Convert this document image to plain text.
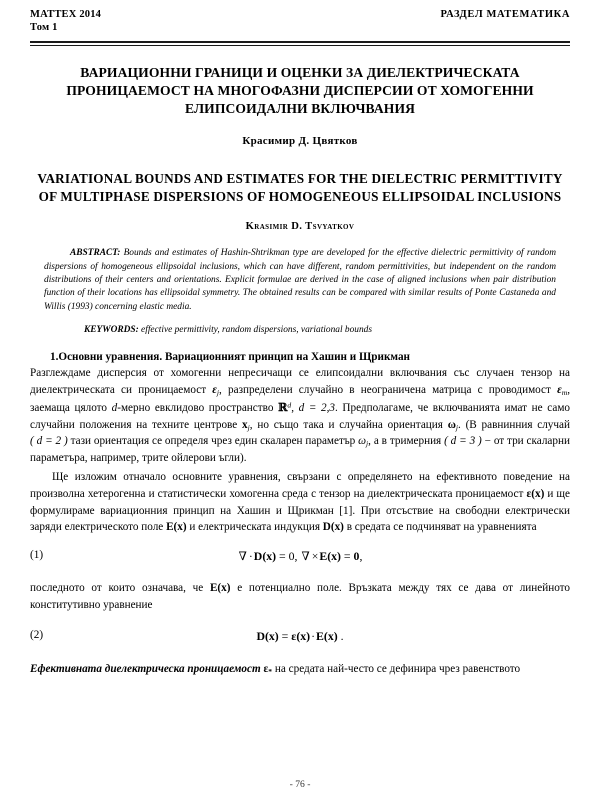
MATTEX 2014
Том 1
РАЗДЕЛ МАТЕМАТИКА
ВАРИАЦИОННИ ГРАНИЦИ И ОЦЕНКИ ЗА ДИЕЛЕКТРИЧЕСКАТА ПРОНИЦАЕМОСТ НА МНОГОФАЗНИ ДИСПЕРСИИ ОТ ХОМОГЕННИ ЕЛИПСОИДАЛНИ ВКЛЮЧВАНИЯ
Красимир Д. Цвятков
VARIATIONAL BOUNDS AND ESTIMATES FOR THE DIELECTRIC PERMITTIVITY OF MULTIPHASE DISPERSIONS OF HOMOGENEOUS ELLIPSOIDAL INCLUSIONS
Krasimir D. Tsvyatkov
ABSTRACT: Bounds and estimates of Hashin-Shtrikman type are developed for the effective dielectric permittivity of random dispersions of homogeneous ellipsoidal inclusions, which can have different, random permittivities, but independent on the random distributions of their centers and orientations. Explicit formulae are derived in the case of aligned inclusions when pair distribution function of their locations has ellipsoidal symmetry. The obtained results can be compared with similar results of Ponte Castaneda and Willis (1993) concerning elastic media.
KEYWORDS: effective permittivity, random dispersions, variational bounds
1.Основни уравнения. Вариационният принцип на Хашин и Щрикман

Разглеждаме дисперсия от хомогенни непресичащи се елипсоидални включвания със случаен тензор на диелектрическата си проницаемост $\varepsilon_j$, разпределени случайно в неограничена матрица с проводимост $\varepsilon_m$, заемаща цялото d-мерно евклидово пространство ℝ$^d$, d = 2,3. Предполагаме, че включванията имат не само случайни положения на техните центрове $x_j$, но също така и случайна ориентация $\omega_j$. (В равнинния случай ( d = 2 ) тази ориентация се определя чрез един скаларен параметър $\omega_j$, а в тримерния ( d = 3 ) − от три скаларни параметъра, например, трите ойлерови ъгли).

Ще изложим отначало основните уравнения, свързани с определянето на ефективното поведение на произволна хетерогенна и статистически хомогенна среда с тензор на диелектрическата проницаемост ε(x) и ще формулираме вариационния принцип на Хашин и Щрикман [1]. При отсъствие на свободни електрически заряди електрическото поле E(x) и електрическата индукция D(x) в средата се подчиняват на уравненията

(1)	∇ ·D(x) = 0, ∇ ×E(x) = 0,

последното от които означава, че E(x) е потенциално поле. Връзката между тях се дава от линейното конститутивно уравнение

(2)	D(x) = ε(x)·E(x) .

Ефективната диелектрическа проницаемост $\varepsilon_*$ на средата най-често се дефинира чрез равенството

- 76 -
